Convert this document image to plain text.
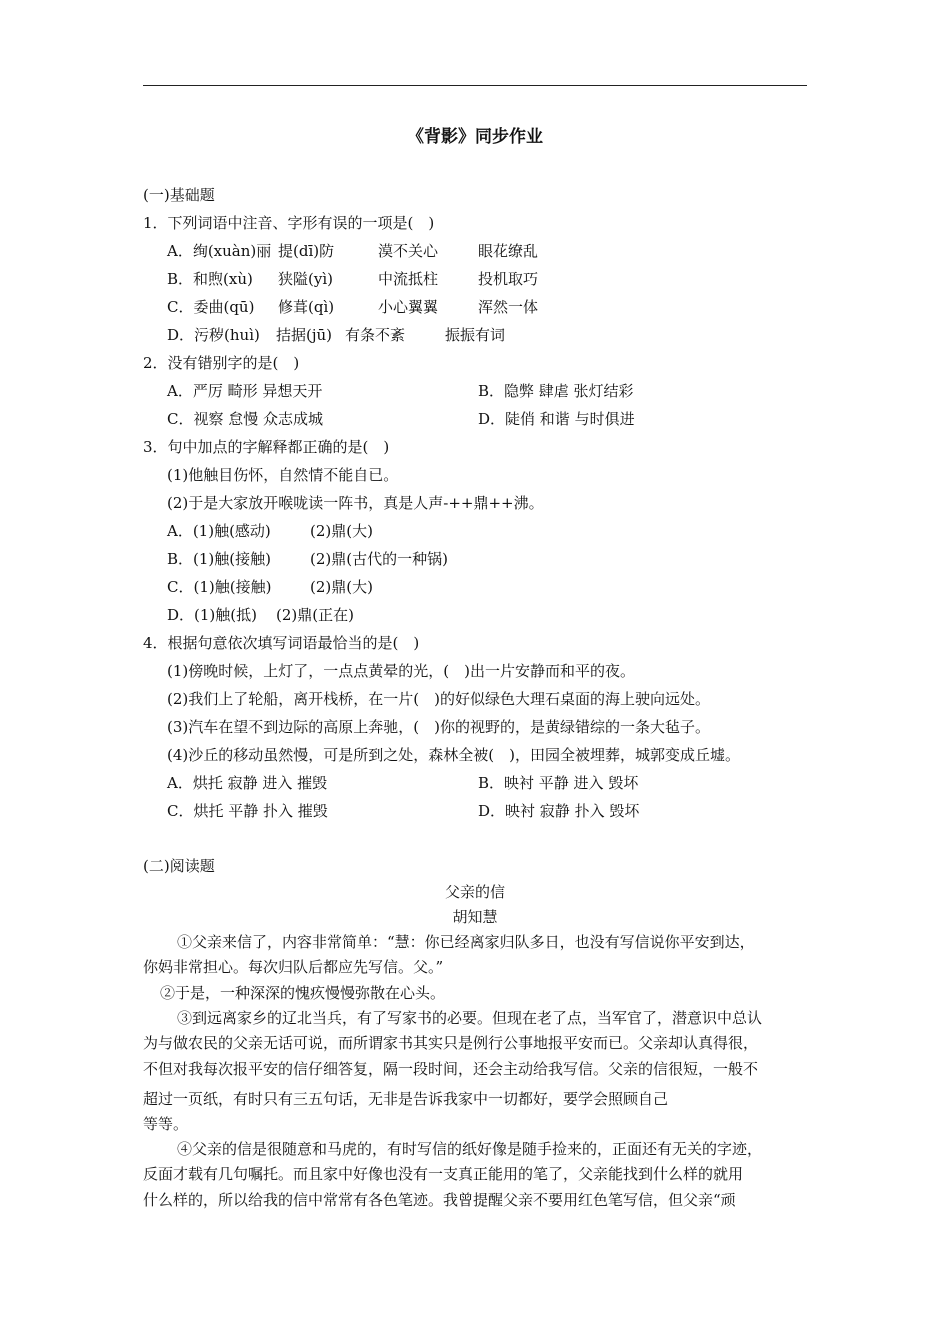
《背影》同步作业
(一)基础题
1．下列词语中注音、字形有误的一项是(　)
A．绚(xuàn)丽 提(dī)防	漠不关心	眼花缭乱
B．和煦(xù) 狭隘(yì)	中流抵柱	投机取巧
C．委曲(qū) 修葺(qì)	小心翼翼	浑然一体
D．污秽(huì) 拮据(jū) 有条不紊	振振有词
2．没有错别字的是(　)
A．严厉 畸形 异想天开	B．隐弊 肆虐 张灯结彩
C．视察 怠慢 众志成城	D．陡俏 和谐 与时俱进
3．句中加点的字解释都正确的是(　)
(1)他触目伤怀，自然情不能自已。
(2)于是大家放开喉咙读一阵书，真是人声-++鼎++沸。
A．(1)触(感动)	(2)鼎(大)
B．(1)触(接触)	(2)鼎(古代的一种锅)
C．(1)触(接触)	(2)鼎(大)
D．(1)触(抵) (2)鼎(正在)
4．根据句意依次填写词语最恰当的是(　)
(1)傍晚时候，上灯了，一点点黄晕的光，(　)出一片安静而和平的夜。
(2)我们上了轮船，离开栈桥，在一片(　)的好似绿色大理石桌面的海上驶向远处。
(3)汽车在望不到边际的高原上奔驰，(　)你的视野的，是黄绿错综的一条大毡子。
(4)沙丘的移动虽然慢，可是所到之处，森林全被(　)，田园全被埋葬，城郭变成丘墟。
A．烘托 寂静 进入 摧毁	B．映衬 平静 进入 毁坏
C．烘托 平静 扑入 摧毁	D．映衬 寂静 扑入 毁坏
(二)阅读题
父亲的信
胡知慧
①父亲来信了，内容非常简单：“慧：你已经离家归队多日，也没有写信说你平安到达，
你妈非常担心。每次归队后都应先写信。父。”
②于是，一种深深的愧疚慢慢弥散在心头。
③到远离家乡的辽北当兵，有了写家书的必要。但现在老了点，当军官了，潜意识中总认
为与做农民的父亲无话可说，而所谓家书其实只是例行公事地报平安而已。父亲却认真得很，
不但对我每次报平安的信仔细答复，隔一段时间，还会主动给我写信。父亲的信很短，一般不
超过一页纸，有时只有三五句话，无非是告诉我家中一切都好，要学会照顾自己
等等。
④父亲的信是很随意和马虎的，有时写信的纸好像是随手捡来的，正面还有无关的字迹，
反面才载有几句嘱托。而且家中好像也没有一支真正能用的笔了，父亲能找到什么样的就用
什么样的，所以给我的信中常常有各色笔迹。我曾提醒父亲不要用红色笔写信，但父亲“顽
